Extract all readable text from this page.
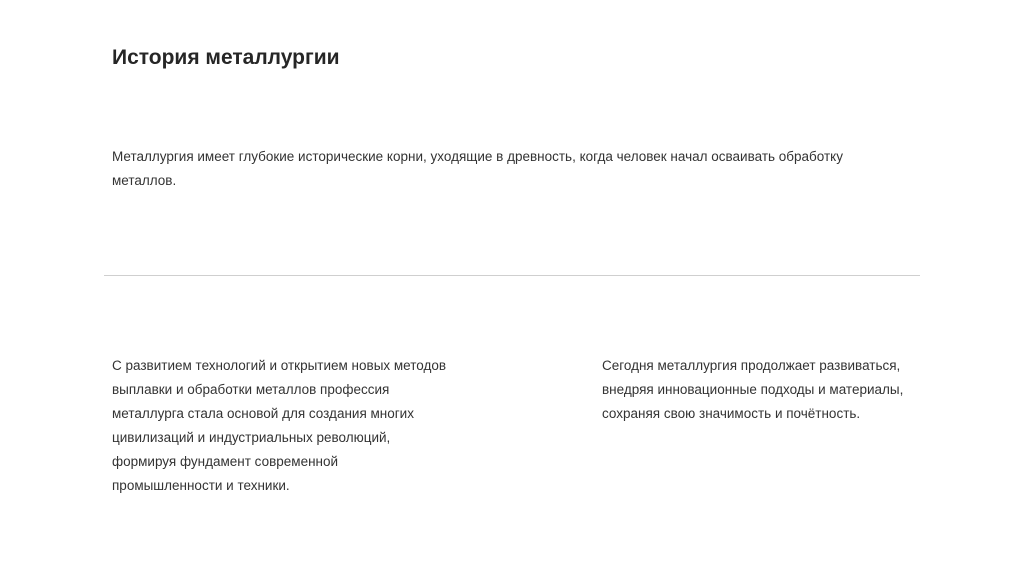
История металлургии
Металлургия имеет глубокие исторические корни, уходящие в древность, когда человек начал осваивать обработку металлов.
С развитием технологий и открытием новых методов выплавки и обработки металлов профессия металлурга стала основой для создания многих цивилизаций и индустриальных революций, формируя фундамент современной промышленности и техники.
Сегодня металлургия продолжает развиваться, внедряя инновационные подходы и материалы, сохраняя свою значимость и почётность.
